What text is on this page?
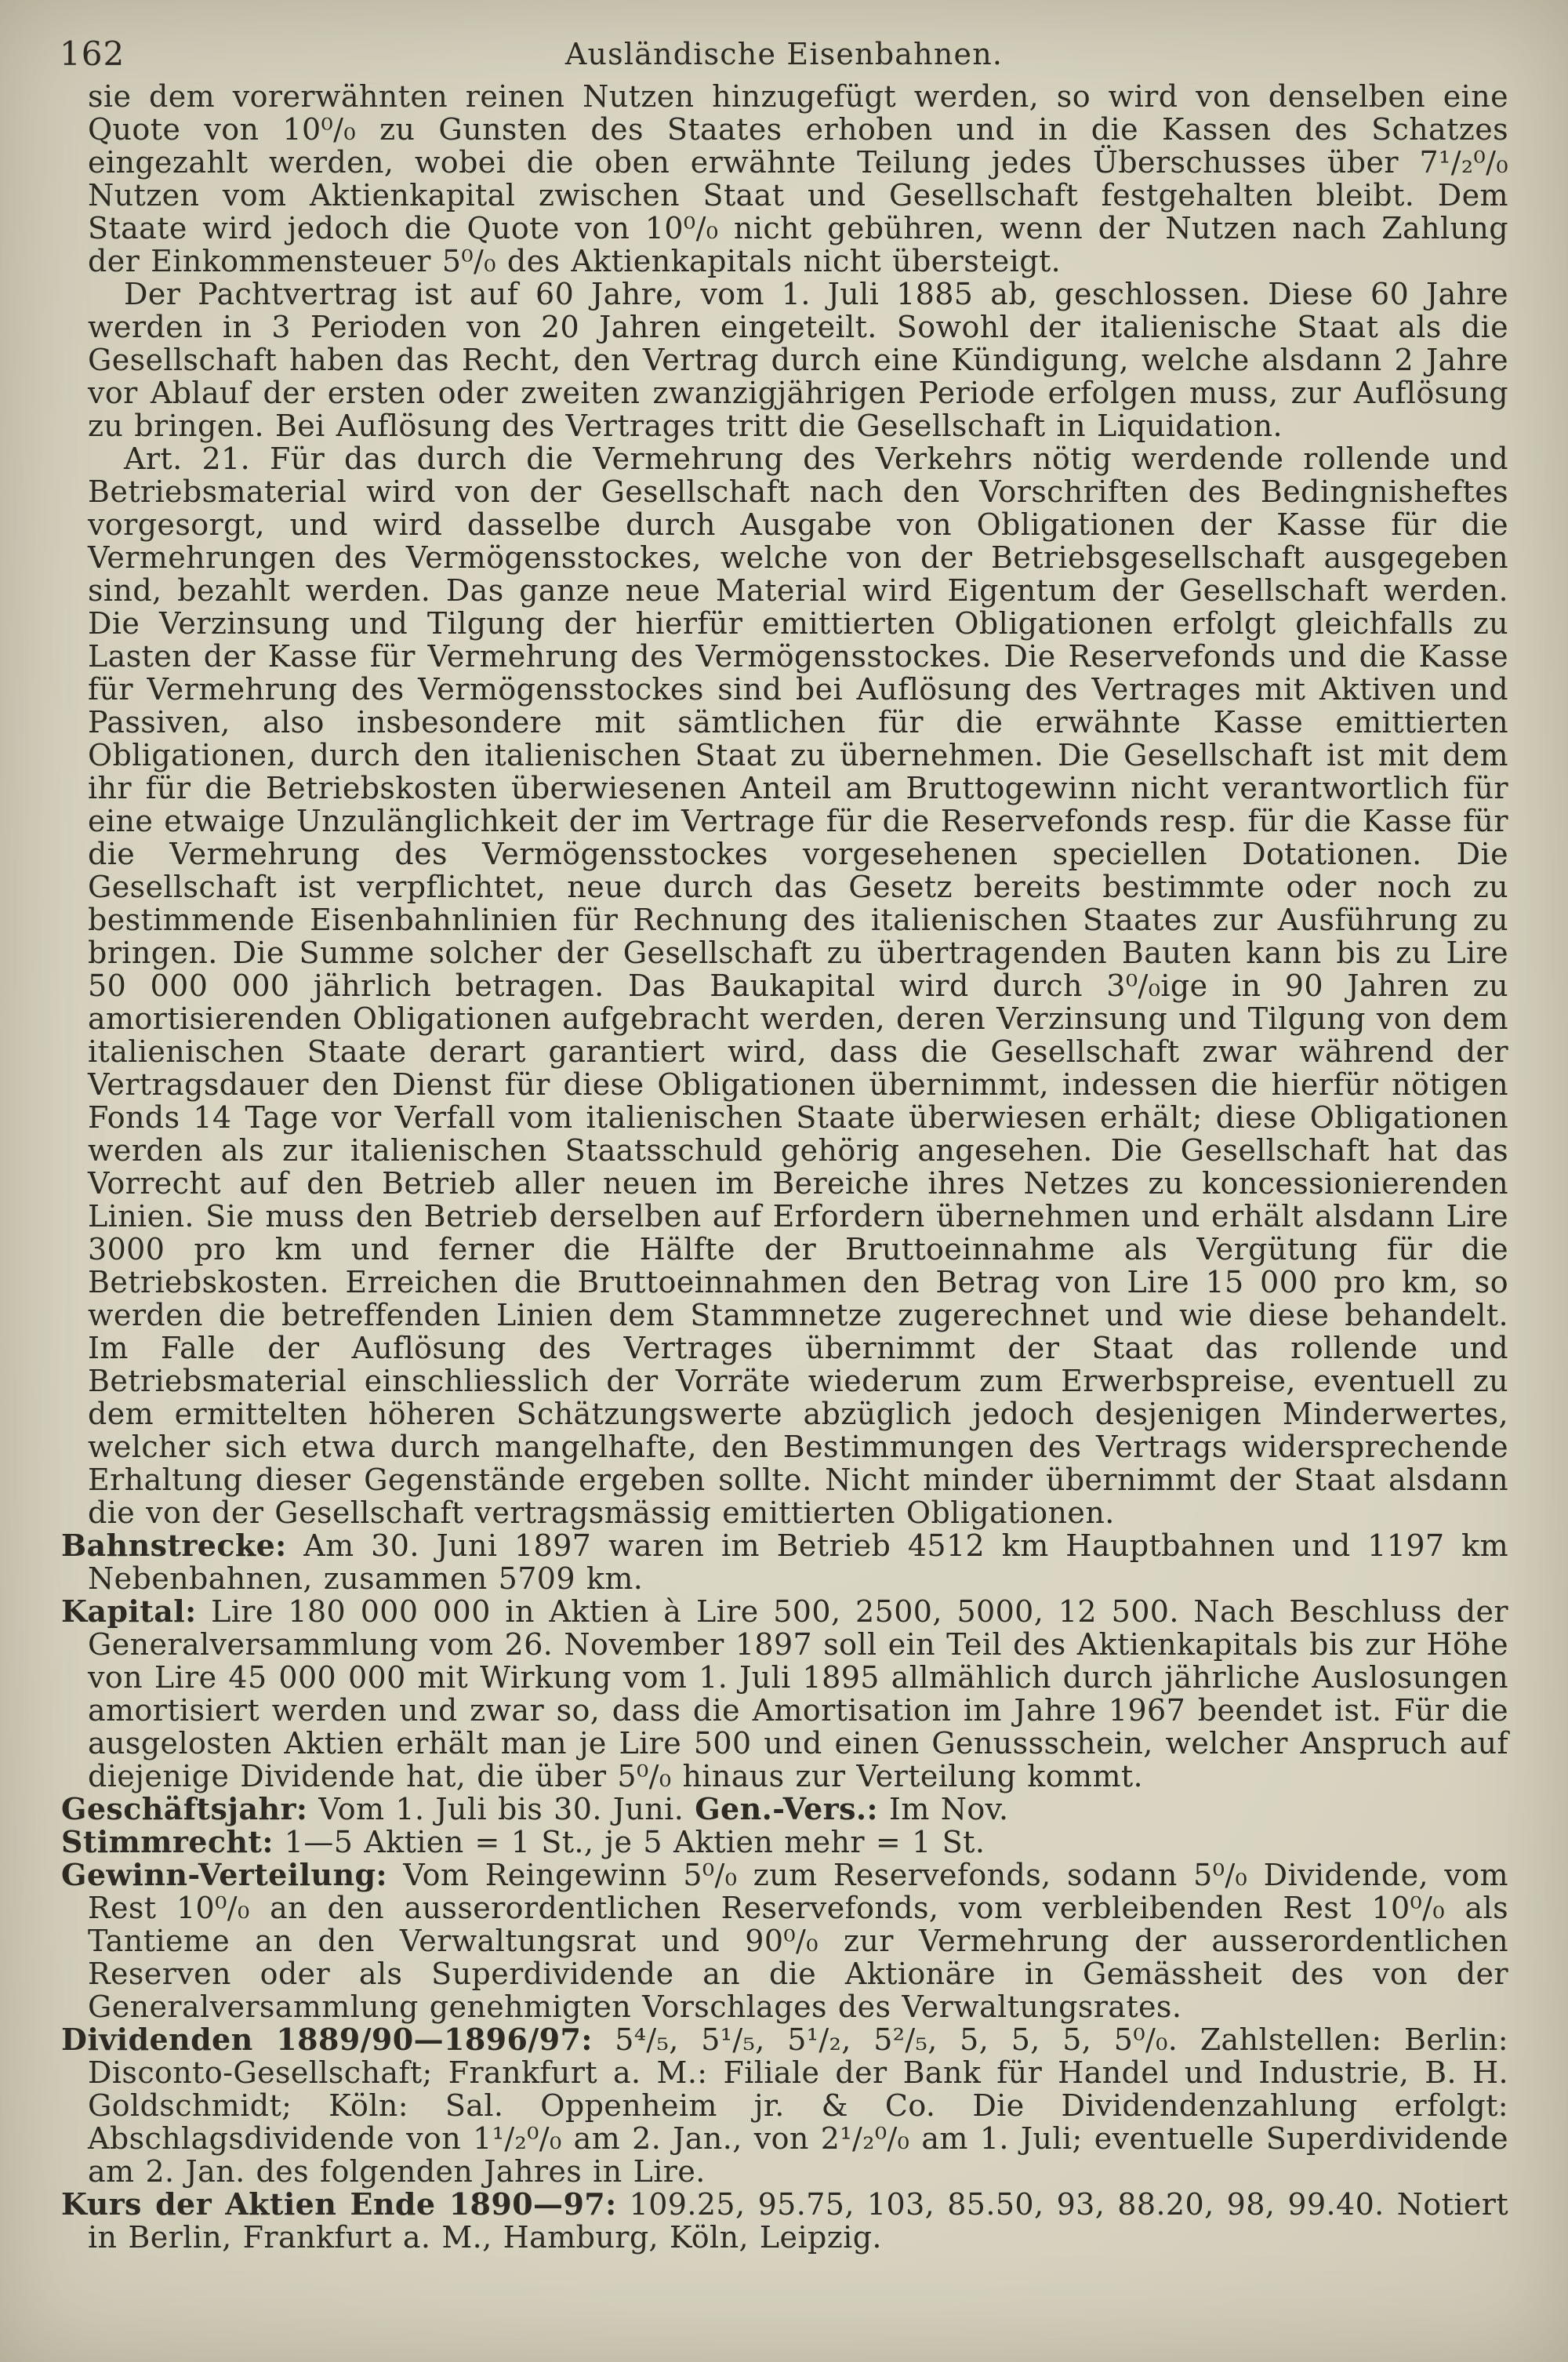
162	Ausländische Eisenbahnen.

sie dem vorerwähnten reinen Nutzen hinzugefügt werden, so wird von denselben eine Quote von 10⁰/₀ zu Gunsten des Staates erhoben und in die Kassen des Schatzes eingezahlt werden, wobei die oben erwähnte Teilung jedes Überschusses über 7¹/₂⁰/₀ Nutzen vom Aktienkapital zwischen Staat und Gesellschaft festgehalten bleibt. Dem Staate wird jedoch die Quote von 10⁰/₀ nicht gebühren, wenn der Nutzen nach Zahlung der Einkommensteuer 5⁰/₀ des Aktienkapitals nicht übersteigt.

Der Pachtvertrag ist auf 60 Jahre, vom 1. Juli 1885 ab, geschlossen. Diese 60 Jahre werden in 3 Perioden von 20 Jahren eingeteilt. Sowohl der italienische Staat als die Gesellschaft haben das Recht, den Vertrag durch eine Kündigung, welche alsdann 2 Jahre vor Ablauf der ersten oder zweiten zwanzigjährigen Periode erfolgen muss, zur Auflösung zu bringen. Bei Auflösung des Vertrages tritt die Gesellschaft in Liquidation.

Art. 21. Für das durch die Vermehrung des Verkehrs nötig werdende rollende und Betriebsmaterial wird von der Gesellschaft nach den Vorschriften des Bedingnisheftes vorgesorgt, und wird dasselbe durch Ausgabe von Obligationen der Kasse für die Vermehrungen des Vermögensstockes, welche von der Betriebsgesellschaft ausgegeben sind, bezahlt werden. Das ganze neue Material wird Eigentum der Gesellschaft werden. Die Verzinsung und Tilgung der hierfür emittierten Obligationen erfolgt gleichfalls zu Lasten der Kasse für Vermehrung des Vermögensstockes. Die Reservefonds und die Kasse für Vermehrung des Vermögensstockes sind bei Auflösung des Vertrages mit Aktiven und Passiven, also insbesondere mit sämtlichen für die erwähnte Kasse emittierten Obligationen, durch den italienischen Staat zu übernehmen. Die Gesellschaft ist mit dem ihr für die Betriebskosten überwiesenen Anteil am Bruttogewinn nicht verantwortlich für eine etwaige Unzulänglichkeit der im Vertrage für die Reservefonds resp. für die Kasse für die Vermehrung des Vermögensstockes vorgesehenen speciellen Dotationen. Die Gesellschaft ist verpflichtet, neue durch das Gesetz bereits bestimmte oder noch zu bestimmende Eisenbahnlinien für Rechnung des italienischen Staates zur Ausführung zu bringen. Die Summe solcher der Gesellschaft zu übertragenden Bauten kann bis zu Lire 50 000 000 jährlich betragen. Das Baukapital wird durch 3⁰/₀ige in 90 Jahren zu amortisierenden Obligationen aufgebracht werden, deren Verzinsung und Tilgung von dem italienischen Staate derart garantiert wird, dass die Gesellschaft zwar während der Vertragsdauer den Dienst für diese Obligationen übernimmt, indessen die hierfür nötigen Fonds 14 Tage vor Verfall vom italienischen Staate überwiesen erhält; diese Obligationen werden als zur italienischen Staatsschuld gehörig angesehen. Die Gesellschaft hat das Vorrecht auf den Betrieb aller neuen im Bereiche ihres Netzes zu koncessionierenden Linien. Sie muss den Betrieb derselben auf Erfordern übernehmen und erhält alsdann Lire 3000 pro km und ferner die Hälfte der Bruttoeinnahme als Vergütung für die Betriebskosten. Erreichen die Bruttoeinnahmen den Betrag von Lire 15 000 pro km, so werden die betreffenden Linien dem Stammnetze zugerechnet und wie diese behandelt. Im Falle der Auflösung des Vertrages übernimmt der Staat das rollende und Betriebsmaterial einschliesslich der Vorräte wiederum zum Erwerbspreise, eventuell zu dem ermittelten höheren Schätzungswerte abzüglich jedoch desjenigen Minderwertes, welcher sich etwa durch mangelhafte, den Bestimmungen des Vertrags widersprechende Erhaltung dieser Gegenstände ergeben sollte. Nicht minder übernimmt der Staat alsdann die von der Gesellschaft vertragsmässig emittierten Obligationen.

Bahnstrecke: Am 30. Juni 1897 waren im Betrieb 4512 km Hauptbahnen und 1197 km Nebenbahnen, zusammen 5709 km.

Kapital: Lire 180 000 000 in Aktien à Lire 500, 2500, 5000, 12 500. Nach Beschluss der Generalversammlung vom 26. November 1897 soll ein Teil des Aktienkapitals bis zur Höhe von Lire 45 000 000 mit Wirkung vom 1. Juli 1895 allmählich durch jährliche Auslosungen amortisiert werden und zwar so, dass die Amortisation im Jahre 1967 beendet ist. Für die ausgelosten Aktien erhält man je Lire 500 und einen Genussschein, welcher Anspruch auf diejenige Dividende hat, die über 5⁰/₀ hinaus zur Verteilung kommt.

Geschäftsjahr: Vom 1. Juli bis 30. Juni. Gen.-Vers.: Im Nov.

Stimmrecht: 1—5 Aktien = 1 St., je 5 Aktien mehr = 1 St.

Gewinn-Verteilung: Vom Reingewinn 5⁰/₀ zum Reservefonds, sodann 5⁰/₀ Dividende, vom Rest 10⁰/₀ an den ausserordentlichen Reservefonds, vom verbleibenden Rest 10⁰/₀ als Tantieme an den Verwaltungsrat und 90⁰/₀ zur Vermehrung der ausserordentlichen Reserven oder als Superdividende an die Aktionäre in Gemässheit des von der Generalversammlung genehmigten Vorschlages des Verwaltungsrates.

Dividenden 1889/90—1896/97: 5⁴/₅, 5¹/₅, 5¹/₂, 5²/₅, 5, 5, 5, 5⁰/₀. Zahlstellen: Berlin: Disconto-Gesellschaft; Frankfurt a. M.: Filiale der Bank für Handel und Industrie, B. H. Goldschmidt; Köln: Sal. Oppenheim jr. & Co. Die Dividendenzahlung erfolgt: Abschlagsdividende von 1¹/₂⁰/₀ am 2. Jan., von 2¹/₂⁰/₀ am 1. Juli; eventuelle Superdividende am 2. Jan. des folgenden Jahres in Lire.

Kurs der Aktien Ende 1890—97: 109.25, 95.75, 103, 85.50, 93, 88.20, 98, 99.40. Notiert in Berlin, Frankfurt a. M., Hamburg, Köln, Leipzig.
